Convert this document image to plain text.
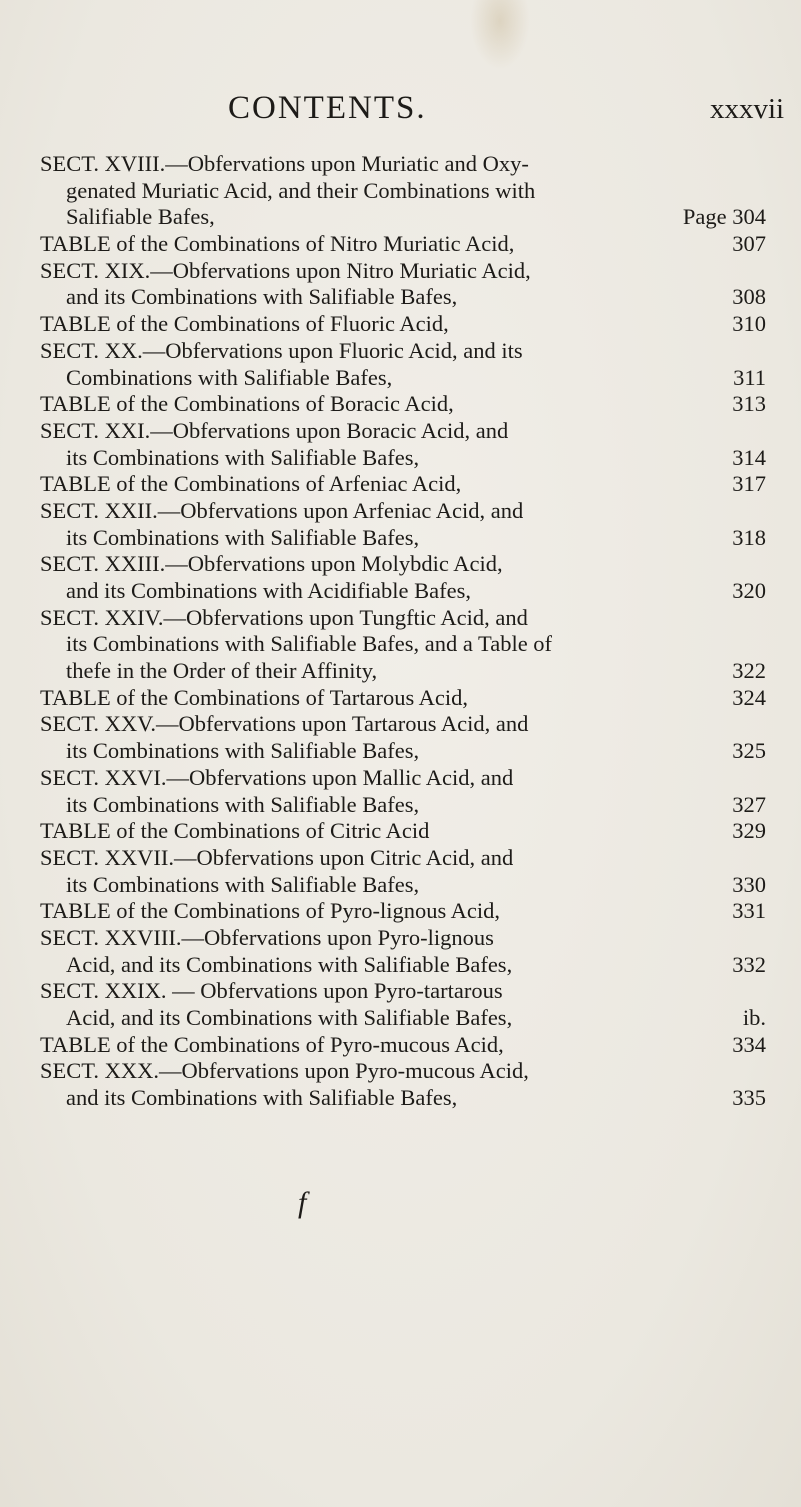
CONTENTS.	xxxvii
SECT. XVIII.—Obfervations upon Muriatic and Oxy-
genated Muriatic Acid, and their Combinations with
Salifiable Bafes,	Page 304
TABLE of the Combinations of Nitro Muriatic Acid,	307
SECT. XIX.—Obfervations upon Nitro Muriatic Acid,
and its Combinations with Salifiable Bafes,	308
TABLE of the Combinations of Fluoric Acid,	310
SECT. XX.—Obfervations upon Fluoric Acid, and its
Combinations with Salifiable Bafes,	311
TABLE of the Combinations of Boracic Acid,	313
SECT. XXI.—Obfervations upon Boracic Acid, and
its Combinations with Salifiable Bafes,	314
TABLE of the Combinations of Arfeniac Acid,	317
SECT. XXII.—Obfervations upon Arfeniac Acid, and
its Combinations with Salifiable Bafes,	318
SECT. XXIII.—Obfervations upon Molybdic Acid,
and its Combinations with Acidifiable Bafes,	320
SECT. XXIV.—Obfervations upon Tungftic Acid, and
its Combinations with Salifiable Bafes, and a Table of
thefe in the Order of their Affinity,	322
TABLE of the Combinations of Tartarous Acid,	324
SECT. XXV.—Obfervations upon Tartarous Acid, and
its Combinations with Salifiable Bafes,	325
SECT. XXVI.—Obfervations upon Mallic Acid, and
its Combinations with Salifiable Bafes,	327
TABLE of the Combinations of Citric Acid	329
SECT. XXVII.—Obfervations upon Citric Acid, and
its Combinations with Salifiable Bafes,	330
TABLE of the Combinations of Pyro-lignous Acid,	331
SECT. XXVIII.—Obfervations upon Pyro-lignous
Acid, and its Combinations with Salifiable Bafes,	332
SECT. XXIX. — Obfervations upon Pyro-tartarous
Acid, and its Combinations with Salifiable Bafes,	ib.
TABLE of the Combinations of Pyro-mucous Acid,	334
SECT. XXX.—Obfervations upon Pyro-mucous Acid,
and its Combinations with Salifiable Bafes,	335
f
